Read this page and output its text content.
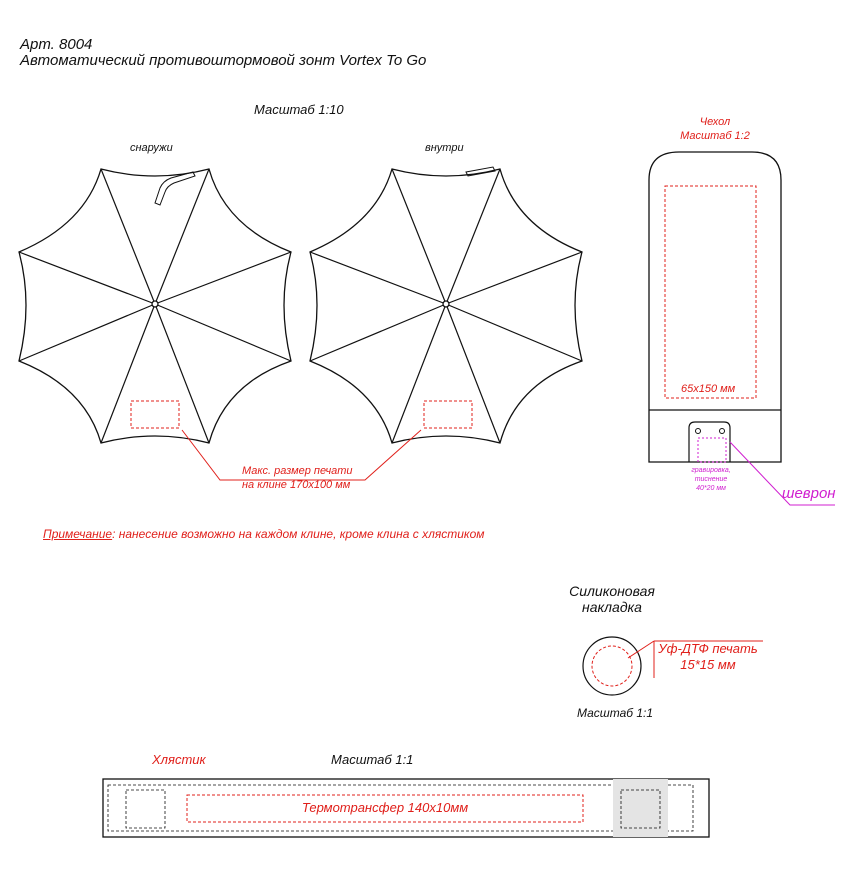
Арт. 8004
Автоматический противоштормовой зонт Vortex To Go
Масштаб 1:10
снаружи	внутри
Макс. размер печати
на клине 170х100 мм
Чехол
Масштаб 1:2
65х150 мм
гравировка,
тиснение
40*20 мм	шеврон
Примечание: нанесение возможно на каждом клине, кроме клина с хлястиком
Силиконовая
накладка
Уф-ДТФ печать
15*15 мм
Масштаб 1:1
Хлястик	Масштаб 1:1
Термотрансфер 140х10мм
